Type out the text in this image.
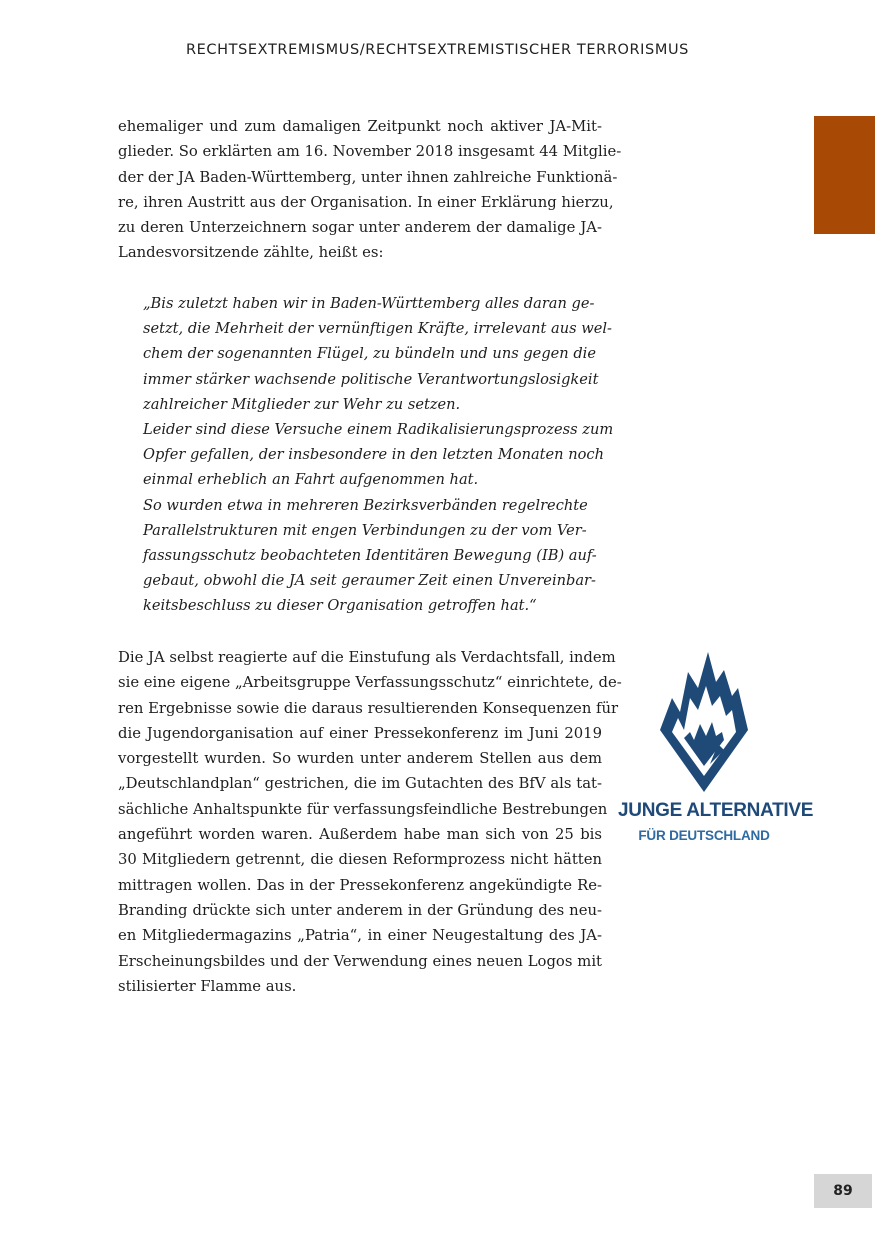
RECHTSEXTREMISMUS/RECHTSEXTREMISTISCHER TERRORISMUS
ehemaliger und zum damaligen Zeitpunkt noch aktiver JA-Mit-
glieder. So erklärten am 16. November 2018 insgesamt 44 Mitglie-
der der JA Baden-Württemberg, unter ihnen zahlreiche Funktionä-
re, ihren Austritt aus der Organisation. In einer Erklärung hierzu,
zu deren Unterzeichnern sogar unter anderem der damalige JA-
Landesvorsitzende zählte, heißt es:
„Bis zuletzt haben wir in Baden-Württemberg alles daran ge-
setzt, die Mehrheit der vernünftigen Kräfte, irrelevant aus wel-
chem der sogenannten Flügel, zu bündeln und uns gegen die
immer stärker wachsende politische Verantwortungslosigkeit
zahlreicher Mitglieder zur Wehr zu setzen.
Leider sind diese Versuche einem Radikalisierungsprozess zum
Opfer gefallen, der insbesondere in den letzten Monaten noch
einmal erheblich an Fahrt aufgenommen hat.
So wurden etwa in mehreren Bezirksverbänden regelrechte
Parallelstrukturen mit engen Verbindungen zu der vom Ver-
fassungsschutz beobachteten Identitären Bewegung (IB) auf-
gebaut, obwohl die JA seit geraumer Zeit einen Unvereinbar-
keitsbeschluss zu dieser Organisation getroffen hat.“
Die JA selbst reagierte auf die Einstufung als Verdachtsfall, indem
sie eine eigene „Arbeitsgruppe Verfassungsschutz“ einrichtete, de-
ren Ergebnisse sowie die daraus resultierenden Konsequenzen für
die Jugendorganisation auf einer Pressekonferenz im Juni 2019
vorgestellt wurden. So wurden unter anderem Stellen aus dem
„Deutschlandplan“ gestrichen, die im Gutachten des BfV als tat-
sächliche Anhaltspunkte für verfassungsfeindliche Bestrebungen
angeführt worden waren. Außerdem habe man sich von 25 bis
30 Mitgliedern getrennt, die diesen Reformprozess nicht hätten
mittragen wollen. Das in der Pressekonferenz angekündigte Re-
Branding drückte sich unter anderem in der Gründung des neu-
en Mitgliedermagazins „Patria“, in einer Neugestaltung des JA-
Erscheinungsbildes und der Verwendung eines neuen Logos mit
stilisierter Flamme aus.
JUNGE ALTERNATIVE
FÜR DEUTSCHLAND
89
